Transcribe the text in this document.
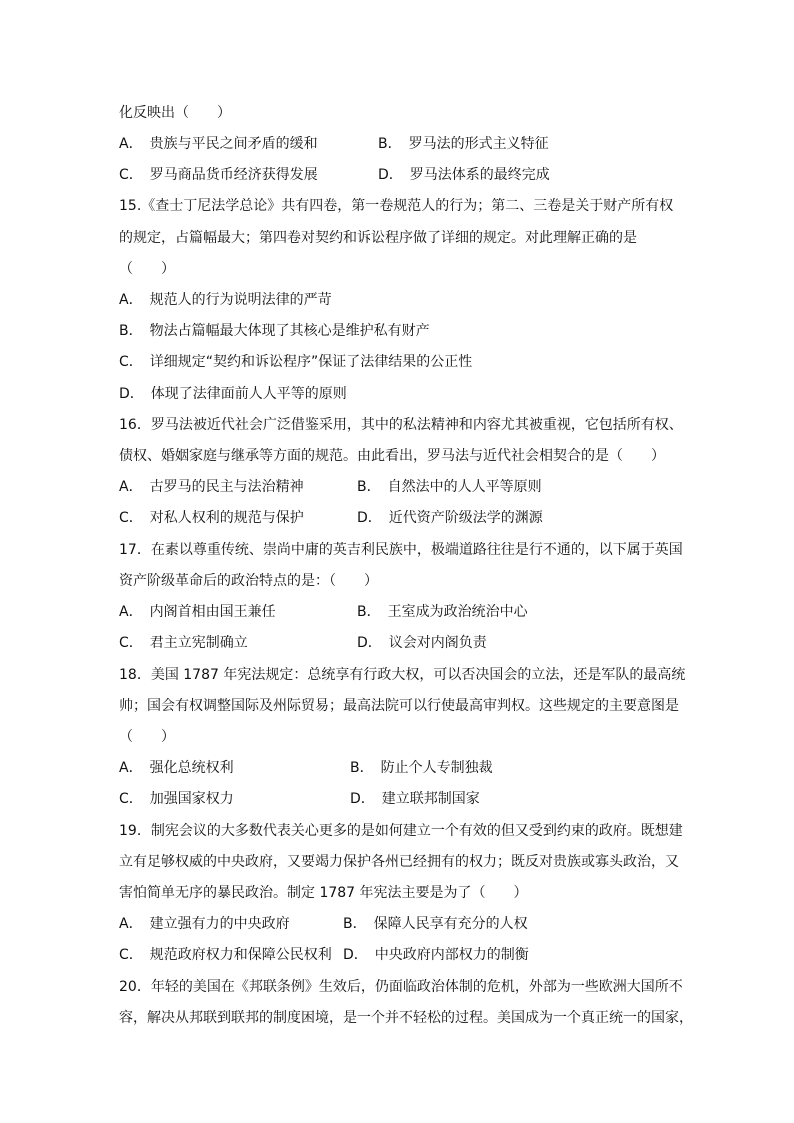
化反映出（　　）
A．　贵族与平民之间矛盾的缓和	B．　罗马法的形式主义特征
C．　罗马商品货币经济获得发展	D．　罗马法体系的最终完成
15.《查士丁尼法学总论》共有四卷，第一卷规范人的行为；第二、三卷是关于财产所有权
的规定，占篇幅最大；第四卷对契约和诉讼程序做了详细的规定。对此理解正确的是
（　　）
A．　规范人的行为说明法律的严苛
B．　物法占篇幅最大体现了其核心是维护私有财产
C．　详细规定“契约和诉讼程序”保证了法律结果的公正性
D．　体现了法律面前人人平等的原则
16．罗马法被近代社会广泛借鉴采用，其中的私法精神和内容尤其被重视，它包括所有权、
债权、婚姻家庭与继承等方面的规范。由此看出，罗马法与近代社会相契合的是（　　）
A．　古罗马的民主与法治精神	B．　自然法中的人人平等原则
C．　对私人权利的规范与保护	D．　近代资产阶级法学的渊源
17．在素以尊重传统、崇尚中庸的英吉利民族中，极端道路往往是行不通的，以下属于英国
资产阶级革命后的政治特点的是：（　　）
A．　内阁首相由国王兼任	B．　王室成为政治统治中心
C．　君主立宪制确立	D．　议会对内阁负责
18．美国 1787 年宪法规定：总统享有行政大权，可以否决国会的立法，还是军队的最高统
帅；国会有权调整国际及州际贸易；最高法院可以行使最高审判权。这些规定的主要意图是
（　　）
A．　强化总统权利	B．　防止个人专制独裁
C．　加强国家权力	D．　建立联邦制国家
19．制宪会议的大多数代表关心更多的是如何建立一个有效的但又受到约束的政府。既想建
立有足够权威的中央政府，又要竭力保护各州已经拥有的权力；既反对贵族或寡头政治，又
害怕简单无序的暴民政治。制定 1787 年宪法主要是为了（　　）
A．　建立强有力的中央政府	B．　保障人民享有充分的人权
C．　规范政府权力和保障公民权利 D．　中央政府内部权力的制衡
20．年轻的美国在《邦联条例》生效后，仍面临政治体制的危机，外部为一些欧洲大国所不
容，解决从邦联到联邦的制度困境，是一个并不轻松的过程。美国成为一个真正统一的国家，
